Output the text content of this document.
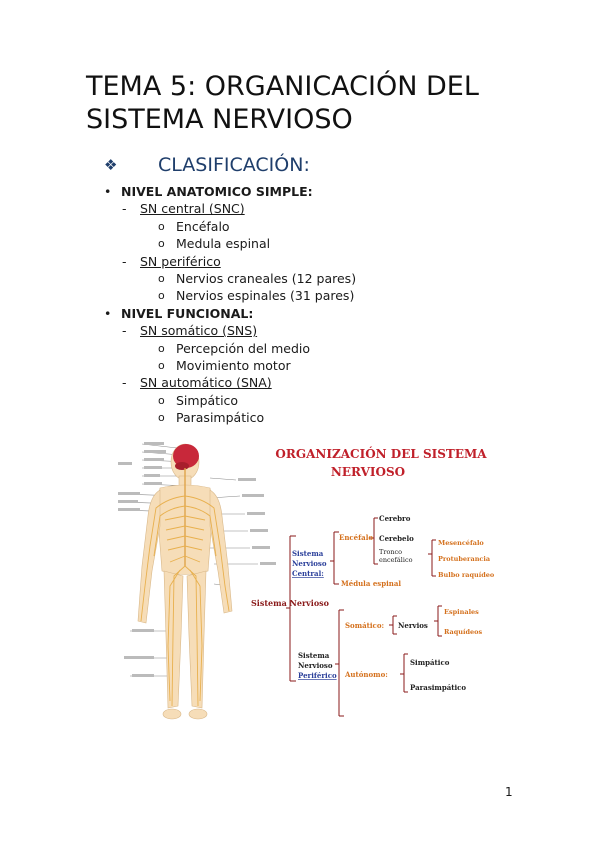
TEMA 5: ORGANICACIÓN DEL SISTEMA NERVIOSO
❖	CLASIFICACIÓN:
• NIVEL ANATOMICO SIMPLE:
- SN central (SNC)
o Encéfalo
o Medula espinal
- SN periférico
o Nervios craneales (12 pares)
o Nervios espinales (31 pares)
• NIVEL FUNCIONAL:
- SN somático (SNS)
o Percepción del medio
o Movimiento motor
- SN automático (SNA)
o Simpático
o Parasimpático
ORGANIZACIÓN DEL SISTEMA
NERVIOSO
Sistema Nervioso
Sistema
Nervioso
Central:
Encéfalo
Médula espinal
Cerebro
Cerebelo
Tronco
encefálico
Mesencéfalo
Protuberancia
Bulbo raquídeo
Sistema
Nervioso
Periférico
Somático: Nervios
Espinales
Raquídeos
Autónomo:
Simpático
Parasimpático
1
